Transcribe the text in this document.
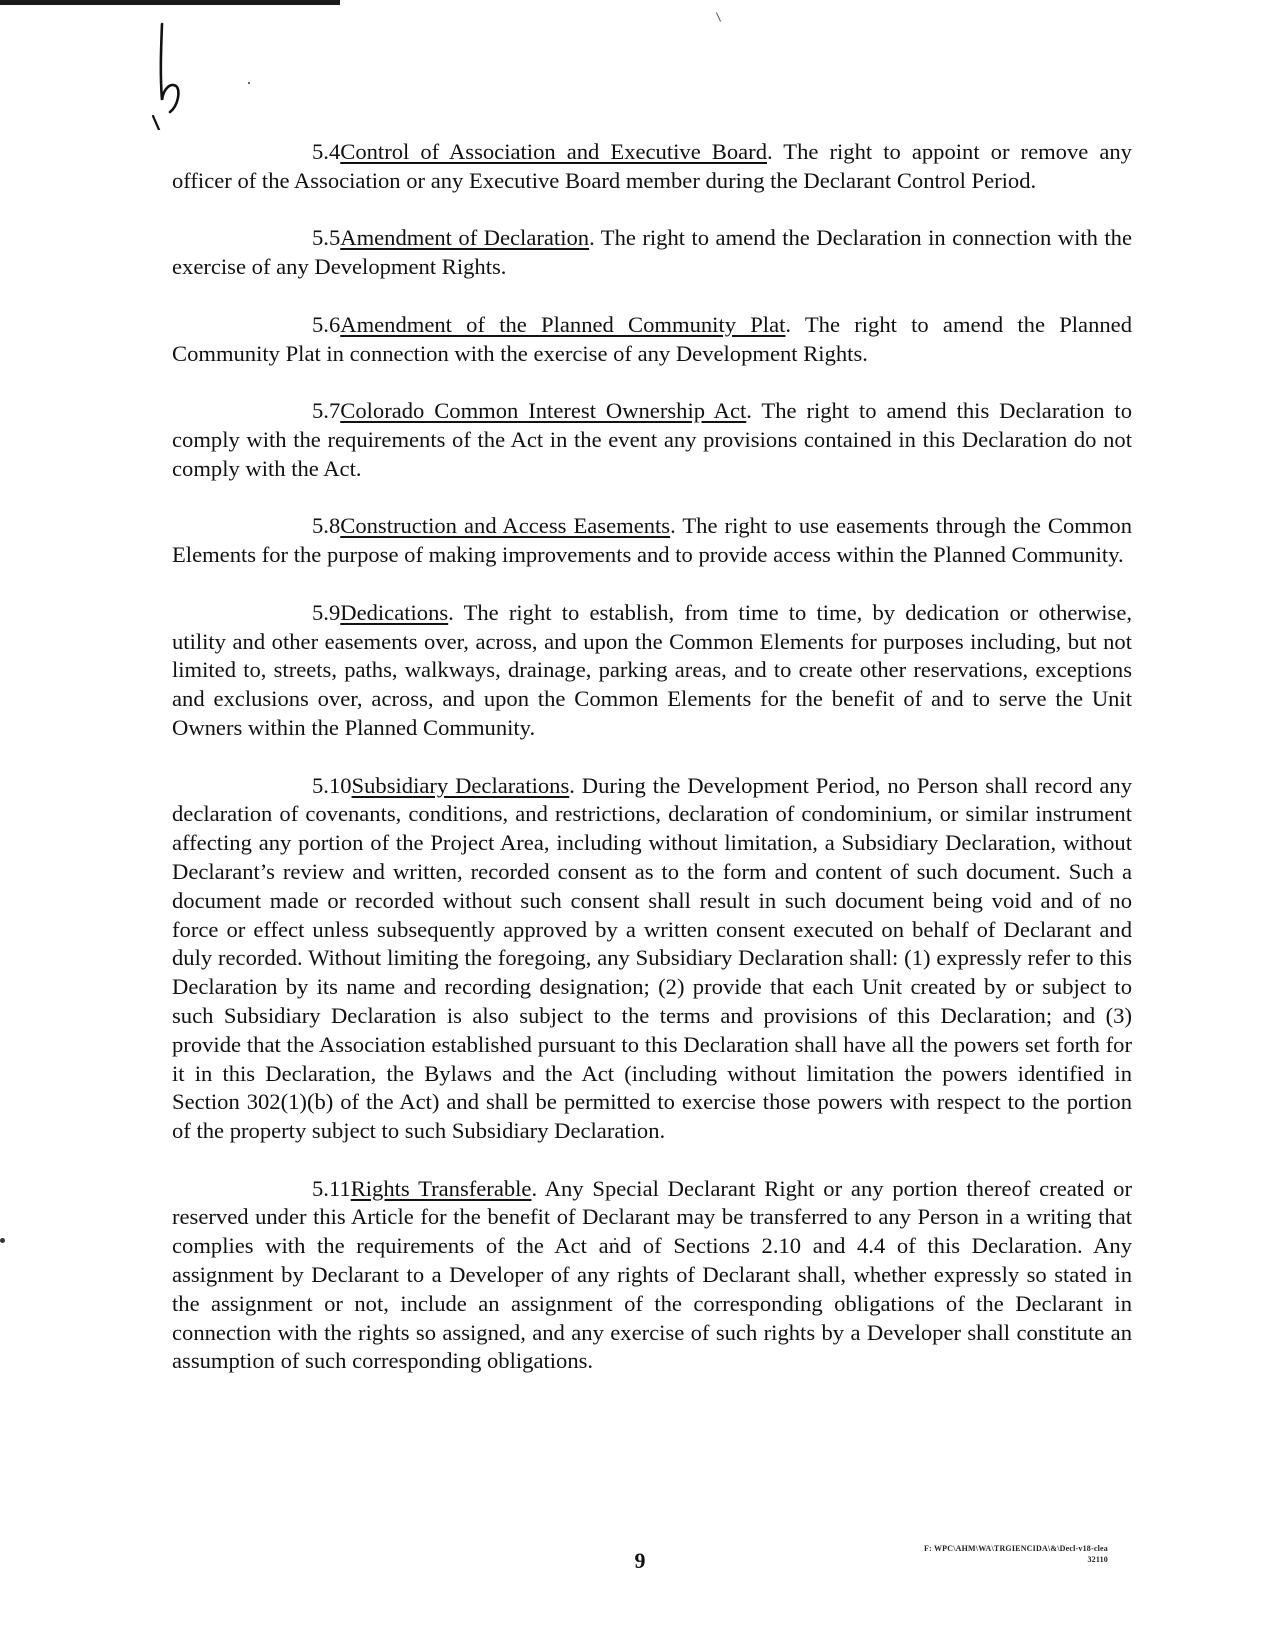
5.4Control of Association and Executive Board. The right to appoint or remove any officer of the Association or any Executive Board member during the Declarant Control Period.

5.5Amendment of Declaration. The right to amend the Declaration in connection with the exercise of any Development Rights.

5.6Amendment of the Planned Community Plat. The right to amend the Planned Community Plat in connection with the exercise of any Development Rights.

5.7Colorado Common Interest Ownership Act. The right to amend this Declaration to comply with the requirements of the Act in the event any provisions contained in this Declaration do not comply with the Act.

5.8Construction and Access Easements. The right to use easements through the Common Elements for the purpose of making improvements and to provide access within the Planned Community.

5.9Dedications. The right to establish, from time to time, by dedication or otherwise, utility and other easements over, across, and upon the Common Elements for purposes including, but not limited to, streets, paths, walkways, drainage, parking areas, and to create other reservations, exceptions and exclusions over, across, and upon the Common Elements for the benefit of and to serve the Unit Owners within the Planned Community.

5.10Subsidiary Declarations. During the Development Period, no Person shall record any declaration of covenants, conditions, and restrictions, declaration of condominium, or similar instrument affecting any portion of the Project Area, including without limitation, a Subsidiary Declaration, without Declarant’s review and written, recorded consent as to the form and content of such document. Such a document made or recorded without such consent shall result in such document being void and of no force or effect unless subsequently approved by a written consent executed on behalf of Declarant and duly recorded. Without limiting the foregoing, any Subsidiary Declaration shall: (1) expressly refer to this Declaration by its name and recording designation; (2) provide that each Unit created by or subject to such Subsidiary Declaration is also subject to the terms and provisions of this Declaration; and (3) provide that the Association established pursuant to this Declaration shall have all the powers set forth for it in this Declaration, the Bylaws and the Act (including without limitation the powers identified in Section 302(1)(b) of the Act) and shall be permitted to exercise those powers with respect to the portion of the property subject to such Subsidiary Declaration.

5.11Rights Transferable. Any Special Declarant Right or any portion thereof created or reserved under this Article for the benefit of Declarant may be transferred to any Person in a writing that complies with the requirements of the Act and of Sections 2.10 and 4.4 of this Declaration. Any assignment by Declarant to a Developer of any rights of Declarant shall, whether expressly so stated in the assignment or not, include an assignment of the corresponding obligations of the Declarant in connection with the rights so assigned, and any exercise of such rights by a Developer shall constitute an assumption of such corresponding obligations.

F: WPC\AHM\WA\TRGIENCIDA\&\Decl-v18-clea
32110
9
